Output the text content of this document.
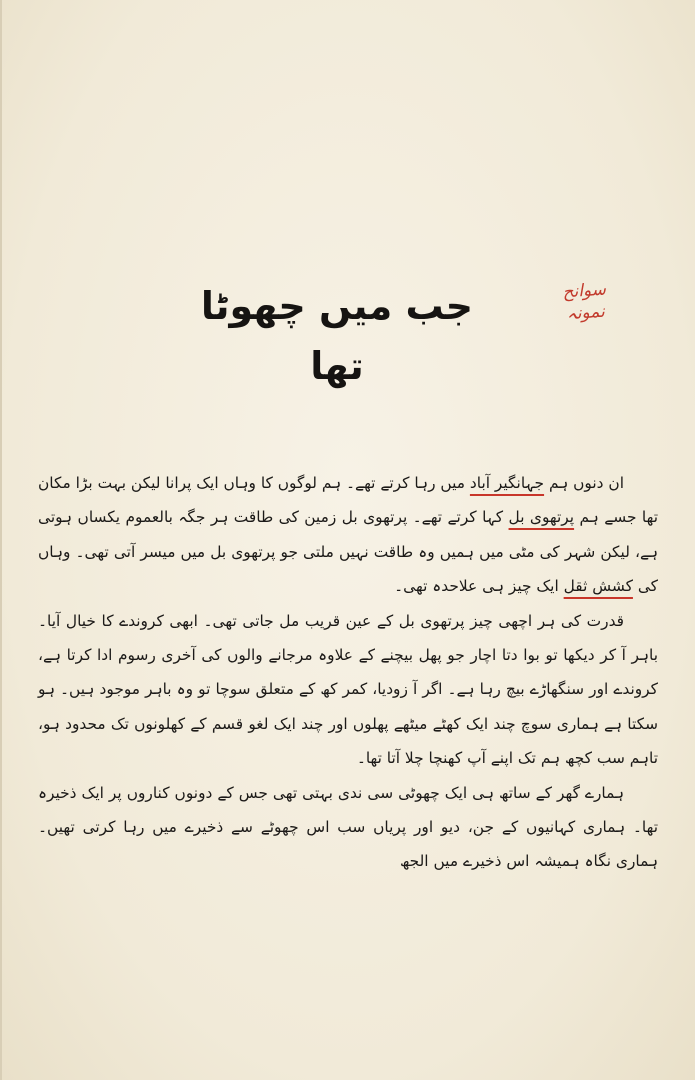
سوانح نمونہ
جب میں چھوٹا تھا

ان دنوں ہم جہانگیر آباد میں رہا کرتے تھے۔ ہم لوگوں کا وہاں ایک پرانا لیکن بہت بڑا مکان تھا جسے ہم پرتھوی بل کہا کرتے تھے۔ پرتھوی بل زمین کی طاقت ہر جگہ بالعموم یکساں ہوتی ہے، لیکن شہر کی مٹی میں ہمیں وہ طاقت نہیں ملتی جو پرتھوی بل میں میسر آتی تھی۔ وہاں کی کشش ثقل ایک چیز ہی علاحدہ تھی۔

قدرت کی ہر اچھی چیز پرتھوی بل کے عین قریب مل جاتی تھی۔ ابھی کروندے کا خیال آیا۔ باہر آ کر دیکھا تو بوا دتا اچار جو پھل بیچنے کے علاوہ مرجانے والوں کی آخری رسوم ادا کرتا ہے، کروندے اور سنگھاڑے بیچ رہا ہے۔ اگر آ زودیا، کمر کھ کے متعلق سوچا تو وہ باہر موجود ہیں۔ ہو سکتا ہے ہماری سوچ چند ایک کھٹے میٹھے پھلوں اور چند ایک لغو قسم کے کھلونوں تک محدود ہو، تاہم سب کچھ ہم تک اپنے آپ کھنچا چلا آتا تھا۔

ہمارے گھر کے ساتھ ہی ایک چھوٹی سی ندی بہتی تھی جس کے دونوں کناروں پر ایک ذخیرہ تھا۔ ہماری کہانیوں کے جن، دیو اور پریاں سب اس چھوٹے سے ذخیرے میں رہا کرتی تھیں۔ ہماری نگاہ ہمیشہ اس ذخیرے میں الجھ
